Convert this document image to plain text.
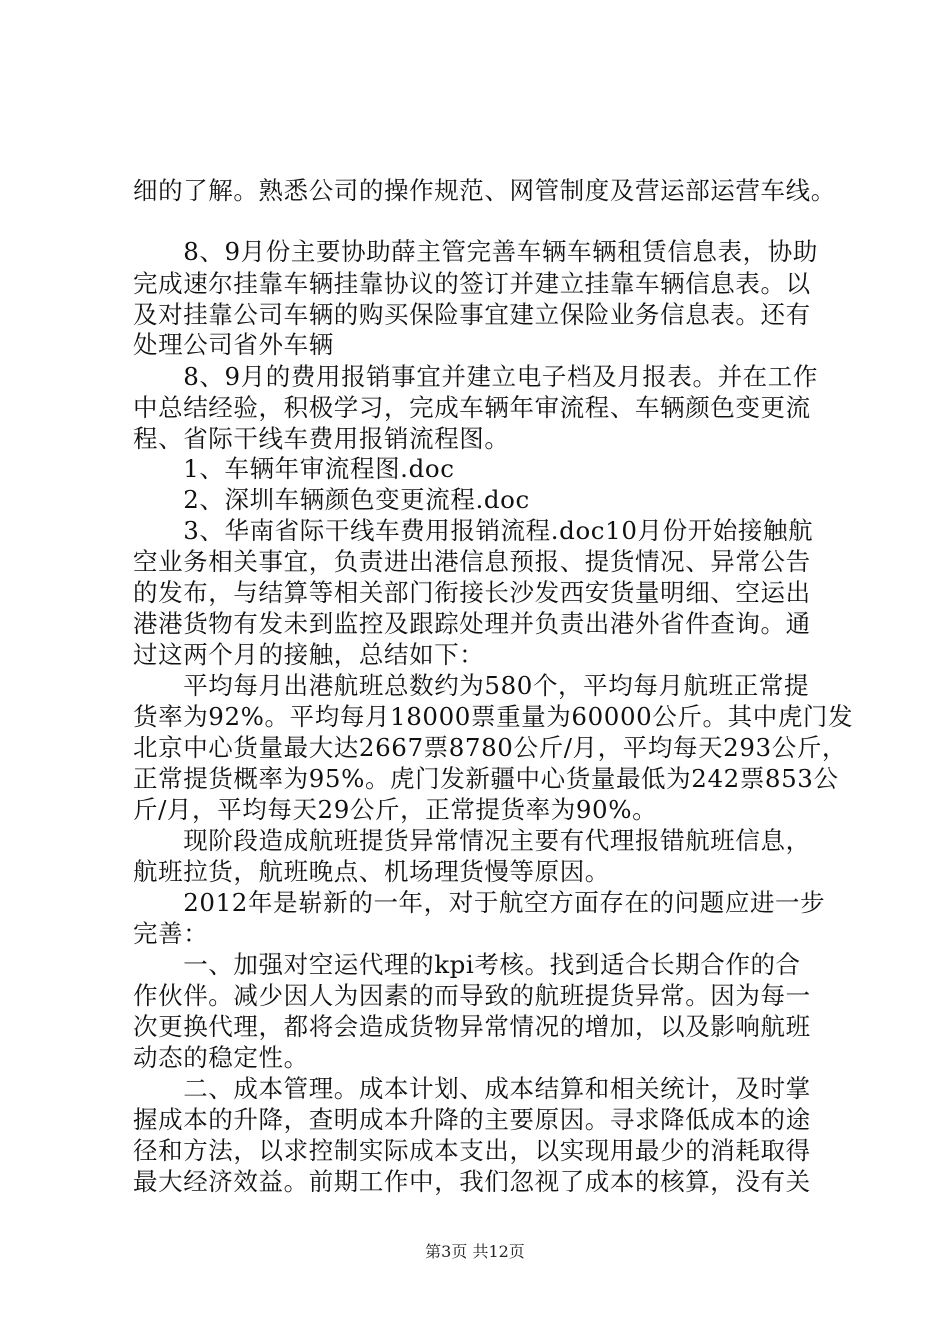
细的了解。熟悉公司的操作规范、网管制度及营运部运营车线。
　　8、9月份主要协助薛主管完善车辆车辆租赁信息表，协助
完成速尔挂靠车辆挂靠协议的签订并建立挂靠车辆信息表。以
及对挂靠公司车辆的购买保险事宜建立保险业务信息表。还有
处理公司省外车辆
　　8、9月的费用报销事宜并建立电子档及月报表。并在工作
中总结经验，积极学习，完成车辆年审流程、车辆颜色变更流
程、省际干线车费用报销流程图。
　　1、车辆年审流程图.doc
　　2、深圳车辆颜色变更流程.doc
　　3、华南省际干线车费用报销流程.doc10月份开始接触航
空业务相关事宜，负责进出港信息预报、提货情况、异常公告
的发布，与结算等相关部门衔接长沙发西安货量明细、空运出
港港货物有发未到监控及跟踪处理并负责出港外省件查询。通
过这两个月的接触，总结如下：
　　平均每月出港航班总数约为580个，平均每月航班正常提
货率为92%。平均每月18000票重量为60000公斤。其中虎门发
北京中心货量最大达2667票8780公斤/月，平均每天293公斤，
正常提货概率为95%。虎门发新疆中心货量最低为242票853公
斤/月，平均每天29公斤，正常提货率为90%。
　　现阶段造成航班提货异常情况主要有代理报错航班信息，
航班拉货，航班晚点、机场理货慢等原因。
　　2012年是崭新的一年，对于航空方面存在的问题应进一步
完善：
　　一、加强对空运代理的kpi考核。找到适合长期合作的合
作伙伴。减少因人为因素的而导致的航班提货异常。因为每一
次更换代理，都将会造成货物异常情况的增加，以及影响航班
动态的稳定性。
　　二、成本管理。成本计划、成本结算和相关统计，及时掌
握成本的升降，查明成本升降的主要原因。寻求降低成本的途
径和方法，以求控制实际成本支出，以实现用最少的消耗取得
最大经济效益。前期工作中，我们忽视了成本的核算，没有关
第3页 共12页
